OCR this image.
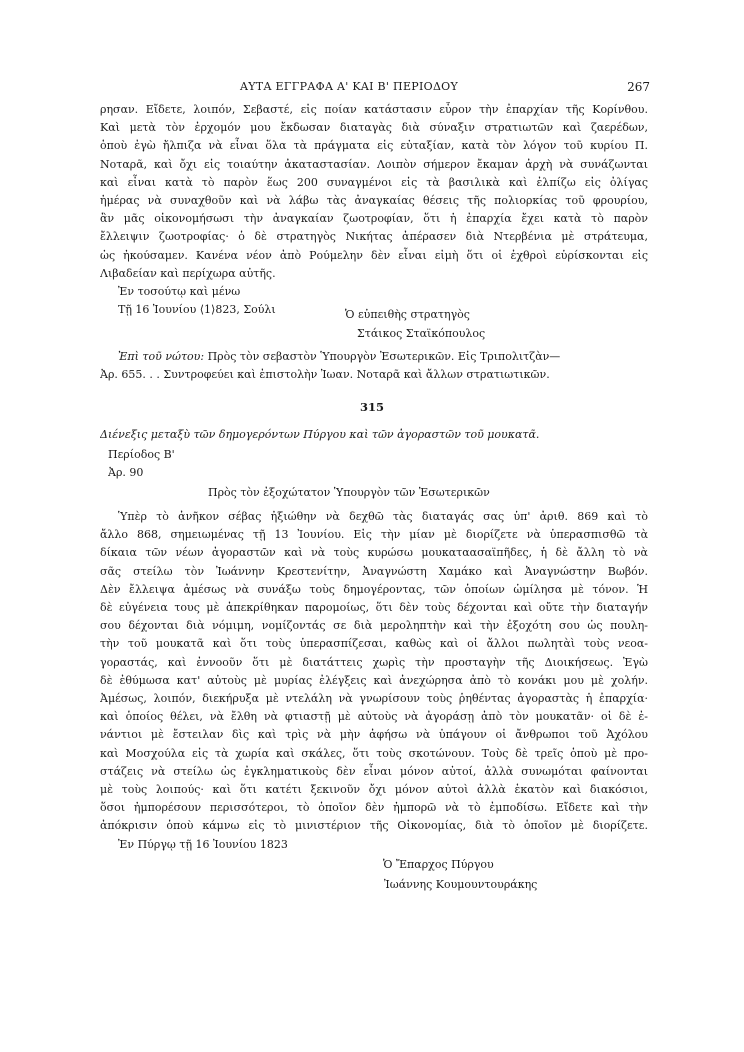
ΑΥΤΑ ΕΓΓΡΑΦΑ Α' ΚΑΙ Β' ΠΕΡΙΟΔΟΥ	267
ρησαν. Εἴδετε, λοιπόν, Σεβαστέ, εἰς ποίαν κατάστασιν εὗρον τὴν ἐπαρχίαν τῆς Κορίνθου.
Καὶ μετὰ τὸν ἐρχομόν μου ἔκδωσαν διαταγὰς διὰ σύναξιν στρατιωτῶν καὶ ζαερέδων,
ὁποὺ ἐγὼ ἤλπιζα νὰ εἶναι ὅλα τὰ πράγματα εἰς εὐταξίαν, κατὰ τὸν λόγον τοῦ κυρίου Π.
Νοταρᾶ, καὶ ὄχι εἰς τοιαύτην ἀκαταστασίαν. Λοιπὸν σήμερον ἔκαμαν ἀρχὴ νὰ συνάζωνται
καὶ εἶναι κατὰ τὸ παρὸν ἕως 200 συναγμένοι εἰς τὰ βασιλικὰ καὶ ἐλπίζω εἰς ὀλίγας
ἡμέρας νὰ συναχθοῦν καὶ νὰ λάβω τὰς ἀναγκαίας θέσεις τῆς πολιορκίας τοῦ φρουρίου,
ἂν μᾶς οἰκονομήσωσι τὴν ἀναγκαίαν ζωοτροφίαν, ὅτι ἡ ἐπαρχία ἔχει κατὰ τὸ παρὸν
ἔλλειψιν ζωοτροφίας· ὁ δὲ στρατηγὸς Νικήτας ἀπέρασεν διὰ Ντερβένια μὲ στράτευμα,
ὡς ἠκούσαμεν. Κανένα νέον ἀπὸ Ρούμελην δὲν εἶναι εἰμὴ ὅτι οἱ ἐχθροὶ εὑρίσκονται εἰς
Λιβαδείαν καὶ περίχωρα αὐτῆς.
Ἐν τοσούτῳ καὶ μένω
Τῇ 16 Ἰουνίου ⟨1⟩823, Σούλι	Ὁ εὐπειθὴς στρατηγὸς
Στάικος Σταϊκόπουλος
Ἐπὶ τοῦ νώτου: Πρὸς τὸν σεβαστὸν Ὑπουργὸν Ἐσωτερικῶν. Εἰς Τριπολιτζὰν—
Ἀρ. 655. . . Συντροφεύει καὶ ἐπιστολὴν Ἰωαν. Νοταρᾶ καὶ ἄλλων στρατιωτικῶν.
315
Διένεξις μεταξὺ τῶν δημογερόντων Πύργου καὶ τῶν ἀγοραστῶν τοῦ μουκατᾶ.
Περίοδος Β'
Ἀρ. 90
Πρὸς τὸν ἐξοχώτατον Ὑπουργὸν τῶν Ἐσωτερικῶν
Ὑπὲρ τὸ ἀνῆκον σέβας ἠξιώθην νὰ δεχθῶ τὰς διαταγάς σας ὑπ' ἀριθ. 869 καὶ τὸ
ἄλλο 868, σημειωμένας τῇ 13 Ἰουνίου. Εἰς τὴν μίαν μὲ διορίζετε νὰ ὑπερασπισθῶ τὰ
δίκαια τῶν νέων ἀγοραστῶν καὶ νὰ τοὺς κυρώσω μουκαταασαϊπῆδες, ἡ δὲ ἄλλη τὸ νὰ
σᾶς στείλω τὸν Ἰωάννην Κρεστενίτην, Ἀναγνώστη Χαμάκο καὶ Ἀναγνώστην Βωβόν.
Δὲν ἔλλειψα ἀμέσως νὰ συνάξω τοὺς δημογέροντας, τῶν ὁποίων ὡμίλησα μὲ τόνον. Ἡ
δὲ εὐγένεια τους μὲ ἀπεκρίθηκαν παρομοίως, ὅτι δὲν τοὺς δέχονται καὶ οὔτε τὴν διαταγήν
σου δέχονται διὰ νόμιμη, νομίζοντάς σε διὰ μεροληπτὴν καὶ τὴν ἐξοχότη σου ὡς πουλη-
τὴν τοῦ μουκατᾶ καὶ ὅτι τοὺς ὑπερασπίζεσαι, καθὼς καὶ οἱ ἄλλοι πωλητὰὶ τοὺς νεοα-
γοραστάς, καὶ ἐννοοῦν ὅτι μὲ διατάττεις χωρὶς τὴν προσταγὴν τῆς Διοικήσεως. Ἐγὼ
δὲ ἐθύμωσα κατ' αὐτοὺς μὲ μυρίας ἐλέγξεις καὶ ἀνεχώρησα ἀπὸ τὸ κονάκι μου μὲ χολήν.
Ἀμέσως, λοιπόν, διεκήρυξα μὲ ντελάλη νὰ γνωρίσουν τοὺς ῥηθέντας ἀγοραστὰς ἡ ἐπαρχία·
καὶ ὁποίος θέλει, νὰ ἔλθη νὰ φτιαστῇ μὲ αὐτοὺς νὰ ἀγοράσῃ ἀπὸ τὸν μουκατᾶν· οἱ δὲ ἐ-
νάντιοι μὲ ἔστειλαν δὶς καὶ τρὶς νὰ μὴν ἀφήσω νὰ ὑπάγουν οἱ ἄνθρωποι τοῦ Ἀχόλου
καὶ Μοσχούλα εἰς τὰ χωρία καὶ σκάλες, ὅτι τοὺς σκοτώνουν. Τοὺς δὲ τρεῖς ὁποὺ μὲ προ-
στάζεις νὰ στείλω ὡς ἐγκληματικοὺς δὲν εἶναι μόνον αὐτοί, ἀλλὰ συνωμόται φαίνονται
μὲ τοὺς λοιπούς· καὶ ὅτι κατέτι ξεκινοῦν ὄχι μόνον αὐτοὶ ἀλλὰ ἑκατὸν καὶ διακόσιοι,
ὅσοι ἠμπορέσουν περισσότεροι, τὸ ὁποῖον δὲν ἠμπορῶ νὰ τὸ ἐμποδίσω. Εἴδετε καὶ τὴν
ἀπόκρισιν ὁποὺ κάμνω εἰς τὸ μινιστέριον τῆς Οἰκονομίας, διὰ τὸ ὁποῖον μὲ διορίζετε.
Ἐν Πύργῳ τῇ 16 Ἰουνίου 1823
Ὁ Ἔπαρχος Πύργου
Ἰωάννης Κουμουντουράκης
